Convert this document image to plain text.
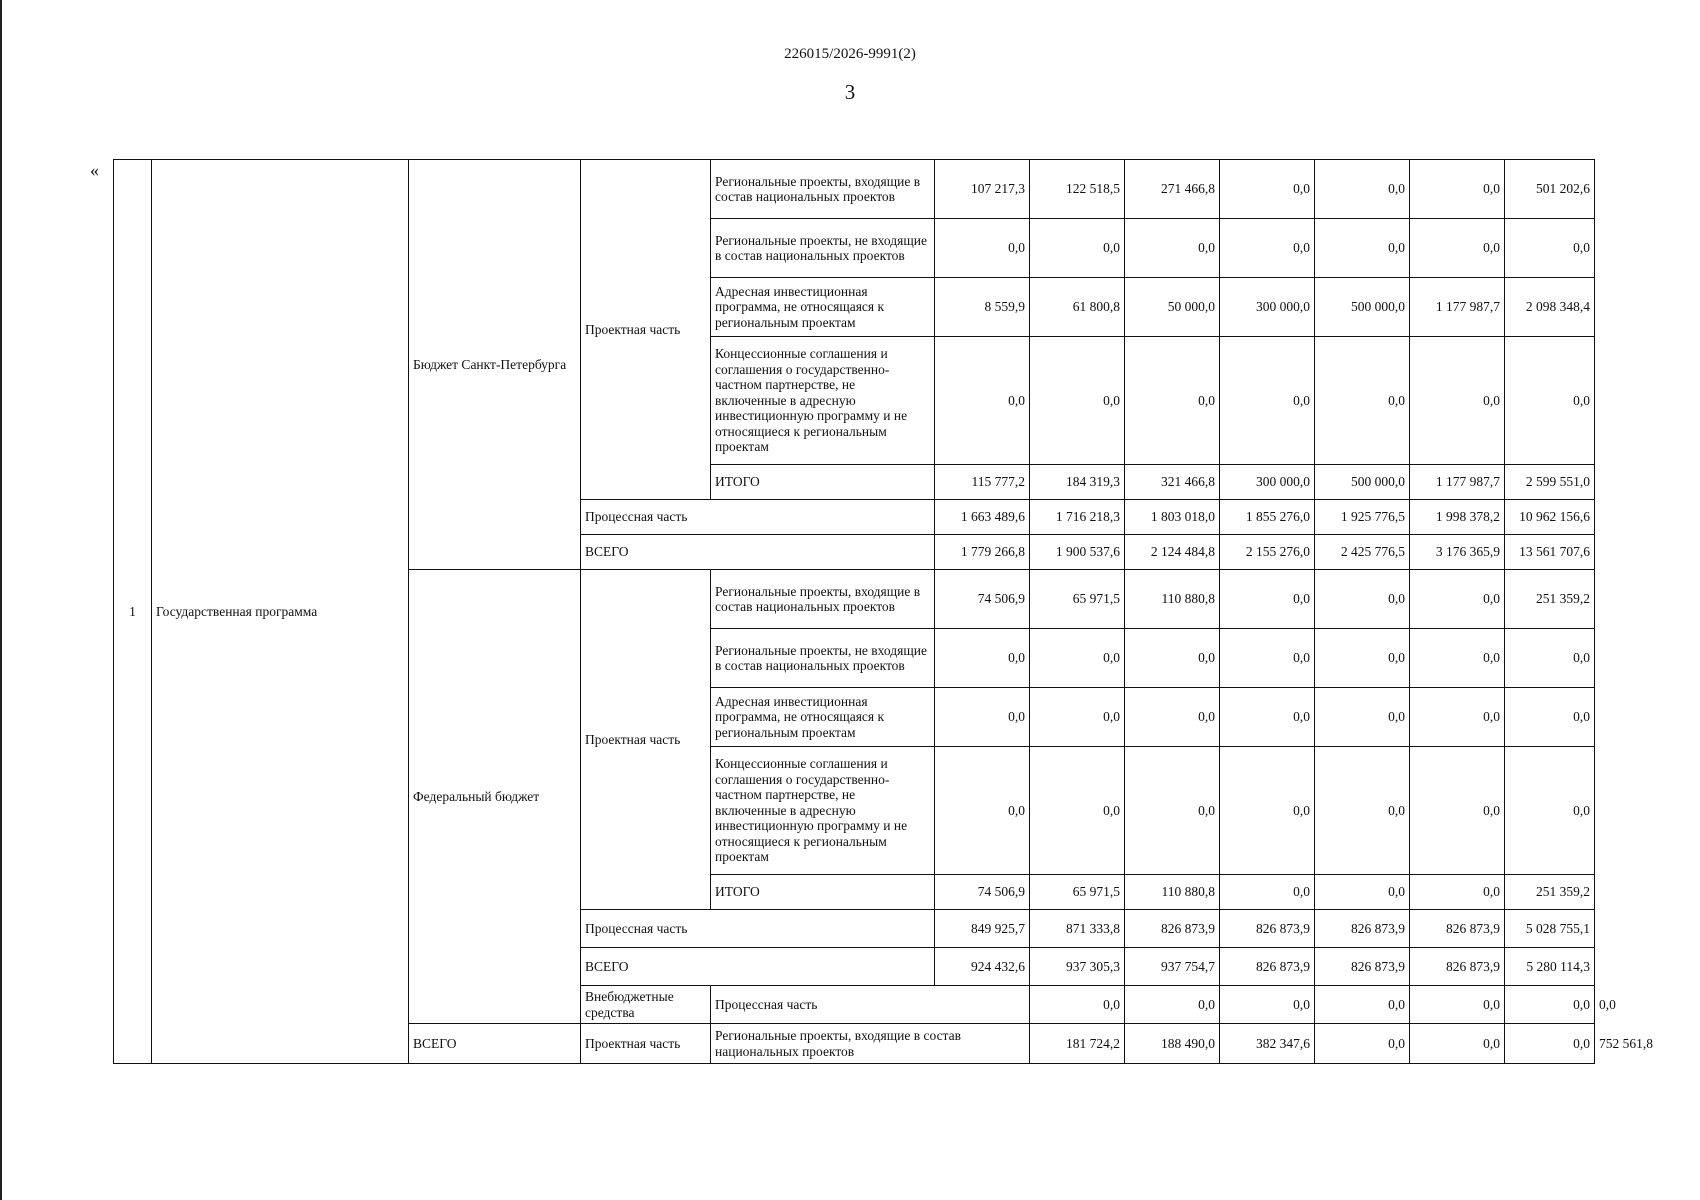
226015/2026-9991(2)
3
«
1	Государственная программа	Бюджет Санкт-Петербурга	Проектная часть	Региональные проекты, входящие в состав национальных проектов	107 217,3	122 518,5	271 466,8	0,0	0,0	0,0	501 202,6	
				Региональные проекты, не входящие в состав национальных проектов	0,0	0,0	0,0	0,0	0,0	0,0	0,0	
				Адресная инвестиционная программа, не относящаяся к региональным проектам	8 559,9	61 800,8	50 000,0	300 000,0	500 000,0	1 177 987,7	2 098 348,4	
				Концессионные соглашения и соглашения о государственно-частном партнерстве, не включенные в адресную инвестиционную программу и не относящиеся к региональным проектам	0,0	0,0	0,0	0,0	0,0	0,0	0,0	
				ИТОГО	115 777,2	184 319,3	321 466,8	300 000,0	500 000,0	1 177 987,7	2 599 551,0	
			Процессная часть		1 663 489,6	1 716 218,3	1 803 018,0	1 855 276,0	1 925 776,5	1 998 378,2	10 962 156,6	
			ВСЕГО		1 779 266,8	1 900 537,6	2 124 484,8	2 155 276,0	2 425 776,5	3 176 365,9	13 561 707,6	
		Федеральный бюджет	Проектная часть	Региональные проекты, входящие в состав национальных проектов	74 506,9	65 971,5	110 880,8	0,0	0,0	0,0	251 359,2	
				Региональные проекты, не входящие в состав национальных проектов	0,0	0,0	0,0	0,0	0,0	0,0	0,0	
				Адресная инвестиционная программа, не относящаяся к региональным проектам	0,0	0,0	0,0	0,0	0,0	0,0	0,0	
				Концессионные соглашения и соглашения о государственно-частном партнерстве, не включенные в адресную инвестиционную программу и не относящиеся к региональным проектам	0,0	0,0	0,0	0,0	0,0	0,0	0,0	
				ИТОГО	74 506,9	65 971,5	110 880,8	0,0	0,0	0,0	251 359,2	
			Процессная часть		849 925,7	871 333,8	826 873,9	826 873,9	826 873,9	826 873,9	5 028 755,1	
			ВСЕГО		924 432,6	937 305,3	937 754,7	826 873,9	826 873,9	826 873,9	5 280 114,3	
			Внебюджетные средства	Процессная часть		0,0	0,0	0,0	0,0	0,0	0,0	0,0
		ВСЕГО	Проектная часть	Региональные проекты, входящие в состав национальных проектов		181 724,2	188 490,0	382 347,6	0,0	0,0	0,0	752 561,8
